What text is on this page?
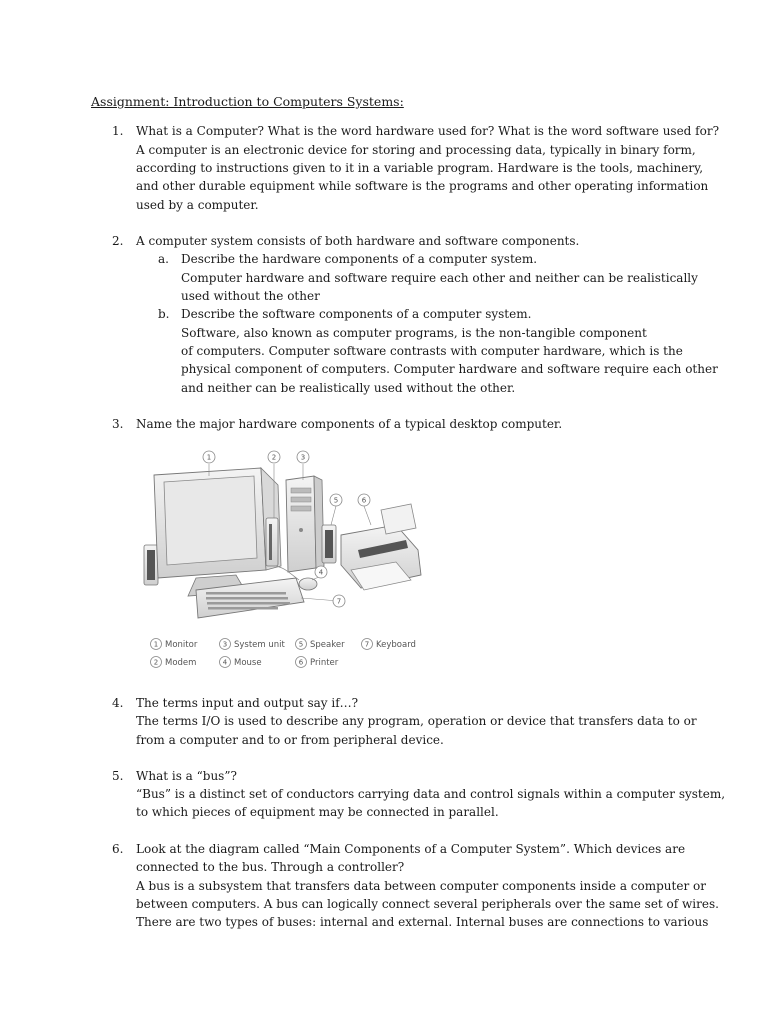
Assignment: Introduction to Computers Systems:
1. What is a Computer? What is the word hardware used for? What is the word software used for?
A computer is an electronic device for storing and processing data, typically in binary form,
according to instructions given to it in a variable program. Hardware is the tools, machinery,
and other durable equipment while software is the programs and other operating information
used by a computer.
2. A computer system consists of both hardware and software components.
a. Describe the hardware components of a computer system.
Computer hardware and software require each other and neither can be realistically
used without the other
b. Describe the software components of a computer system.
Software, also known as computer programs, is the non-tangible component
of computers. Computer software contrasts with computer hardware, which is the
physical component of computers. Computer hardware and software require each other
and neither can be realistically used without the other.
3. Name the major hardware components of a typical desktop computer.
1	2	3
4
5	6
7
1 Monitor
2 Modem
3 System unit
4 Mouse
5 Speaker
6 Printer
7 Keyboard
4. The terms input and output say if…?
The terms I/O is used to describe any program, operation or device that transfers data to or
from a computer and to or from peripheral device.
5. What is a “bus”?
“Bus” is a distinct set of conductors carrying data and control signals within a computer system,
to which pieces of equipment may be connected in parallel.
6. Look at the diagram called “Main Components of a Computer System”. Which devices are
connected to the bus. Through a controller?
A bus is a subsystem that transfers data between computer components inside a computer or
between computers. A bus can logically connect several peripherals over the same set of wires.
There are two types of buses: internal and external. Internal buses are connections to various
